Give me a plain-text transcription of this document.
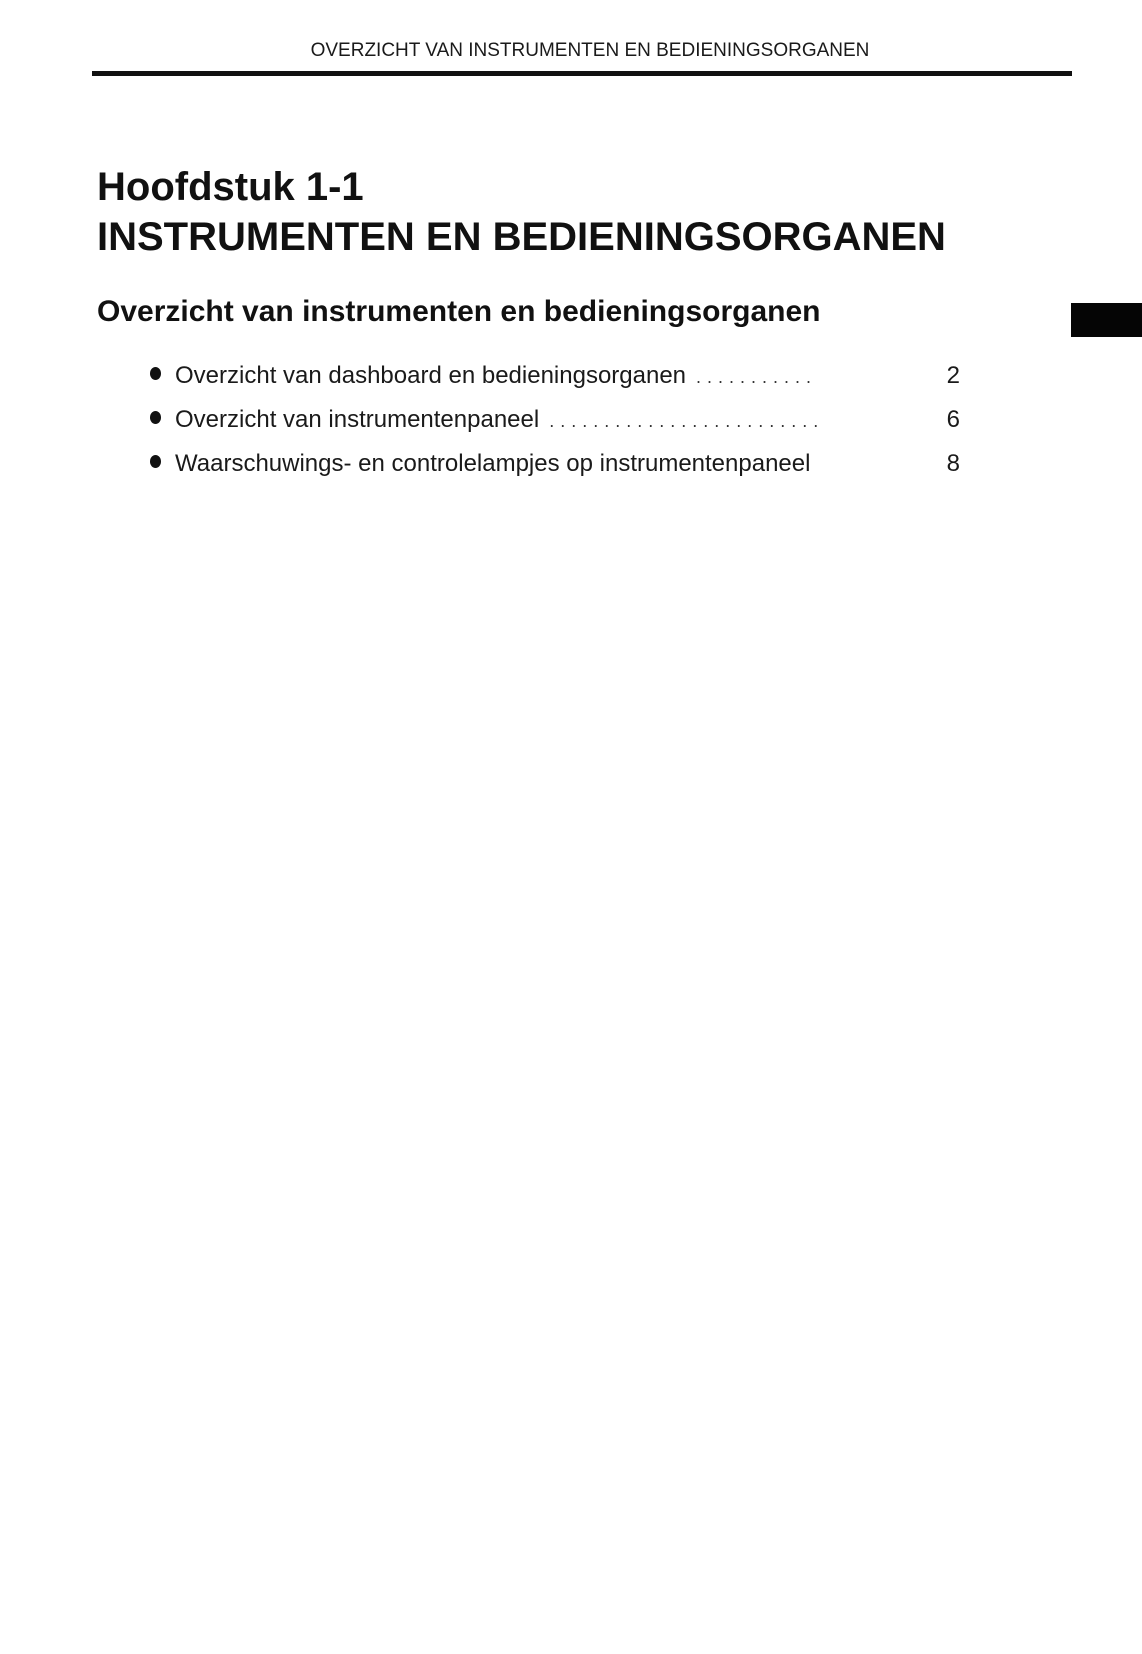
OVERZICHT VAN INSTRUMENTEN EN BEDIENINGSORGANEN
Hoofdstuk 1-1
INSTRUMENTEN EN BEDIENINGSORGANEN
Overzicht van instrumenten en bedieningsorganen
Overzicht van dashboard en bedieningsorganen ...........	2
Overzicht van instrumentenpaneel .........................	6
Waarschuwings- en controlelampjes op instrumentenpaneel	8
